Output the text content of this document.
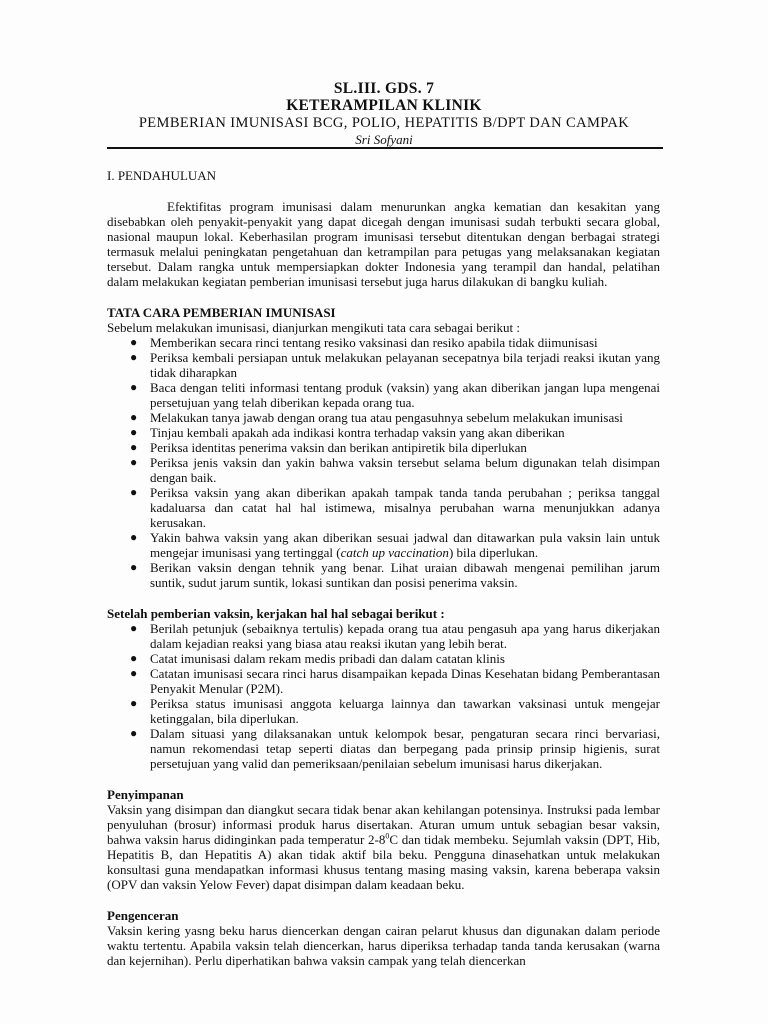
SL.III. GDS. 7
KETERAMPILAN KLINIK
PEMBERIAN IMUNISASI BCG, POLIO, HEPATITIS B/DPT DAN CAMPAK
Sri Sofyani
I. PENDAHULUAN
Efektifitas program imunisasi dalam menurunkan angka kematian dan kesakitan yang disebabkan oleh penyakit-penyakit yang dapat dicegah dengan imunisasi sudah terbukti secara global, nasional maupun lokal. Keberhasilan program imunisasi tersebut ditentukan dengan berbagai strategi termasuk melalui peningkatan pengetahuan dan ketrampilan para petugas yang melaksanakan kegiatan tersebut. Dalam rangka untuk mempersiapkan dokter Indonesia yang terampil dan handal, pelatihan dalam melakukan kegiatan pemberian imunisasi tersebut juga harus dilakukan di bangku kuliah.
TATA CARA PEMBERIAN IMUNISASI
Sebelum melakukan imunisasi, dianjurkan mengikuti tata cara sebagai berikut :
● Memberikan secara rinci tentang resiko vaksinasi dan resiko apabila tidak diimunisasi
● Periksa kembali persiapan untuk melakukan pelayanan secepatnya bila terjadi reaksi ikutan yang tidak diharapkan
● Baca dengan teliti informasi tentang produk (vaksin) yang akan diberikan jangan lupa mengenai persetujuan yang telah diberikan kepada orang tua.
● Melakukan tanya jawab dengan orang tua atau pengasuhnya sebelum melakukan imunisasi
● Tinjau kembali apakah ada indikasi kontra terhadap vaksin yang akan diberikan
● Periksa identitas penerima vaksin dan berikan antipiretik bila diperlukan
● Periksa jenis vaksin dan yakin bahwa vaksin tersebut selama belum digunakan telah disimpan dengan baik.
● Periksa vaksin yang akan diberikan apakah tampak tanda tanda perubahan ; periksa tanggal kadaluarsa dan catat hal hal istimewa, misalnya perubahan warna menunjukkan adanya kerusakan.
● Yakin bahwa vaksin yang akan diberikan sesuai jadwal dan ditawarkan pula vaksin lain untuk mengejar imunisasi yang tertinggal (catch up vaccination) bila diperlukan.
● Berikan vaksin dengan tehnik yang benar. Lihat uraian dibawah mengenai pemilihan jarum suntik, sudut jarum suntik, lokasi suntikan dan posisi penerima vaksin.
Setelah pemberian vaksin, kerjakan hal hal sebagai berikut :
● Berilah petunjuk (sebaiknya tertulis) kepada orang tua atau pengasuh apa yang harus dikerjakan dalam kejadian reaksi yang biasa atau reaksi ikutan yang lebih berat.
● Catat imunisasi dalam rekam medis pribadi dan dalam catatan klinis
● Catatan imunisasi secara rinci harus disampaikan kepada Dinas Kesehatan bidang Pemberantasan Penyakit Menular (P2M).
● Periksa status imunisasi anggota keluarga lainnya dan tawarkan vaksinasi untuk mengejar ketinggalan, bila diperlukan.
● Dalam situasi yang dilaksanakan untuk kelompok besar, pengaturan secara rinci bervariasi, namun rekomendasi tetap seperti diatas dan berpegang pada prinsip prinsip higienis, surat persetujuan yang valid dan pemeriksaan/penilaian sebelum imunisasi harus dikerjakan.
Penyimpanan
Vaksin yang disimpan dan diangkut secara tidak benar akan kehilangan potensinya. Instruksi pada lembar penyuluhan (brosur) informasi produk harus disertakan. Aturan umum untuk sebagian besar vaksin, bahwa vaksin harus didinginkan pada temperatur $2-8^0C$ dan tidak membeku. Sejumlah vaksin (DPT, Hib, Hepatitis B, dan Hepatitis A) akan tidak aktif bila beku. Pengguna dinasehatkan untuk melakukan konsultasi guna mendapatkan informasi khusus tentang masing masing vaksin, karena beberapa vaksin (OPV dan vaksin Yelow Fever) dapat disimpan dalam keadaan beku.
Pengenceran
Vaksin kering yasng beku harus diencerkan dengan cairan pelarut khusus dan digunakan dalam periode waktu tertentu. Apabila vaksin telah diencerkan, harus diperiksa terhadap tanda tanda kerusakan (warna dan kejernihan). Perlu diperhatikan bahwa vaksin campak yang telah diencerkan
